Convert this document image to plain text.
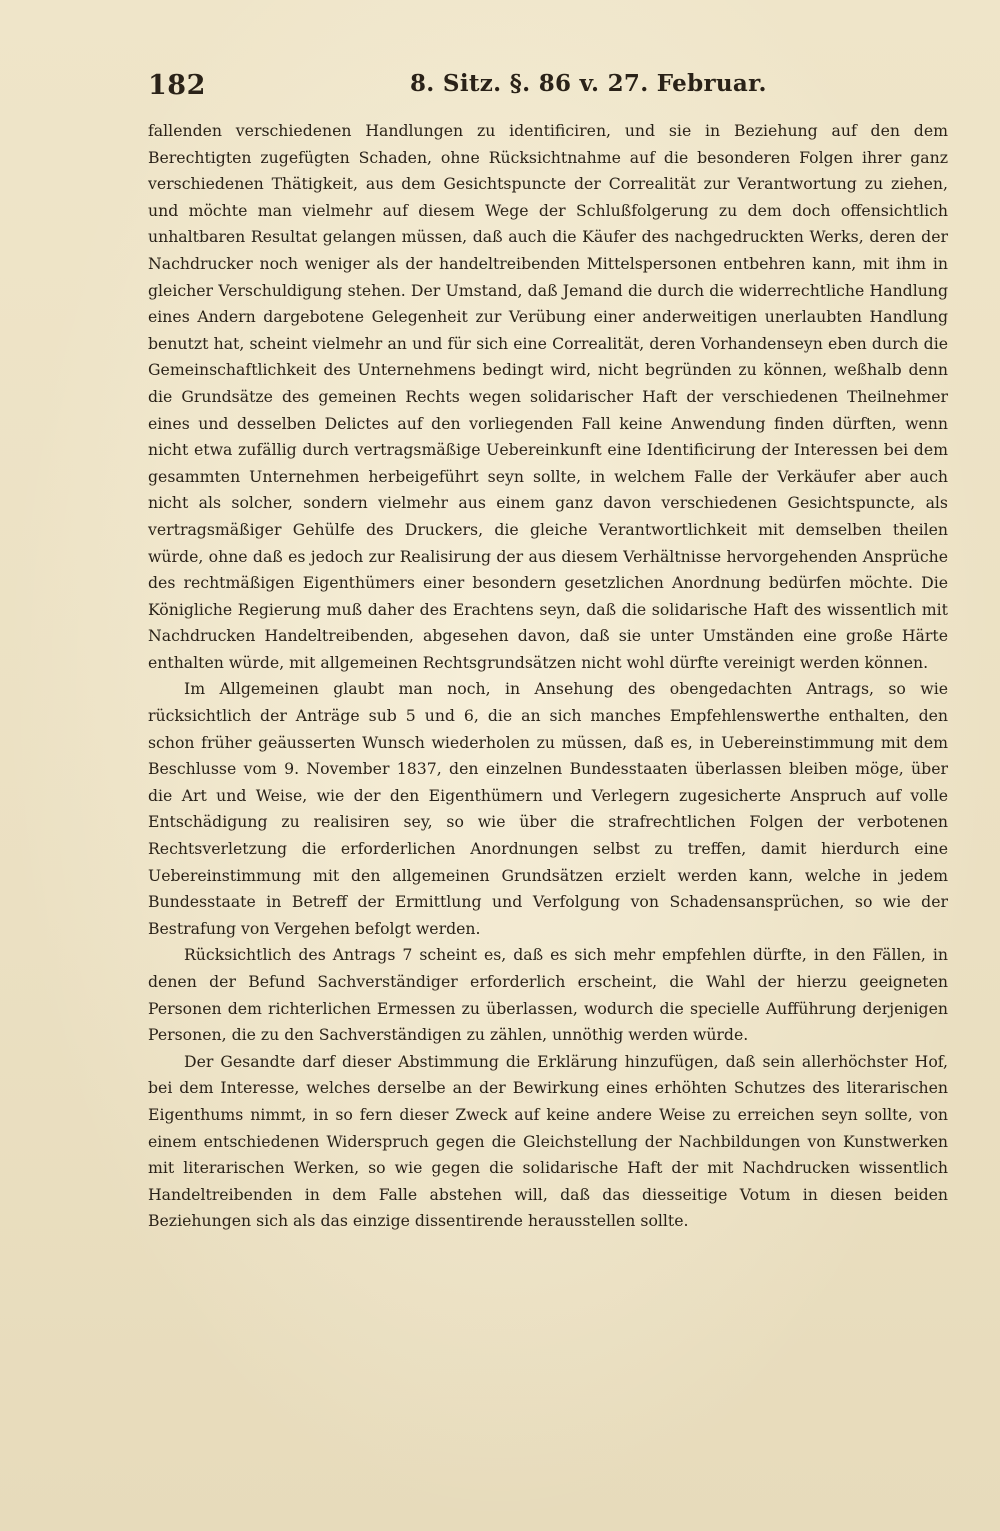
182	8. Sitz. §. 86 v. 27. Februar.

fallenden verschiedenen Handlungen zu identificiren, und sie in Beziehung auf den dem Berechtigten zugefügten Schaden, ohne Rücksichtnahme auf die besonderen Folgen ihrer ganz verschiedenen Thätigkeit, aus dem Gesichtspuncte der Correalität zur Verantwortung zu ziehen, und möchte man vielmehr auf diesem Wege der Schlußfolgerung zu dem doch offensichtlich unhaltbaren Resultat gelangen müssen, daß auch die Käufer des nachgedruckten Werks, deren der Nachdrucker noch weniger als der handeltreibenden Mittelspersonen entbehren kann, mit ihm in gleicher Verschuldigung stehen. Der Umstand, daß Jemand die durch die widerrechtliche Handlung eines Andern dargebotene Gelegenheit zur Verübung einer anderweitigen unerlaubten Handlung benutzt hat, scheint vielmehr an und für sich eine Correalität, deren Vorhandenseyn eben durch die Gemeinschaftlichkeit des Unternehmens bedingt wird, nicht begründen zu können, weßhalb denn die Grundsätze des gemeinen Rechts wegen solidarischer Haft der verschiedenen Theilnehmer eines und desselben Delictes auf den vorliegenden Fall keine Anwendung finden dürften, wenn nicht etwa zufällig durch vertragsmäßige Uebereinkunft eine Identificirung der Interessen bei dem gesammten Unternehmen herbeigeführt seyn sollte, in welchem Falle der Verkäufer aber auch nicht als solcher, sondern vielmehr aus einem ganz davon verschiedenen Gesichtspuncte, als vertragsmäßiger Gehülfe des Druckers, die gleiche Verantwortlichkeit mit demselben theilen würde, ohne daß es jedoch zur Realisirung der aus diesem Verhältnisse hervorgehenden Ansprüche des rechtmäßigen Eigenthümers einer besondern gesetzlichen Anordnung bedürfen möchte. Die Königliche Regierung muß daher des Erachtens seyn, daß die solidarische Haft des wissentlich mit Nachdrucken Handeltreibenden, abgesehen davon, daß sie unter Umständen eine große Härte enthalten würde, mit allgemeinen Rechtsgrundsätzen nicht wohl dürfte vereinigt werden können.

Im Allgemeinen glaubt man noch, in Ansehung des obengedachten Antrags, so wie rücksichtlich der Anträge sub 5 und 6, die an sich manches Empfehlenswerthe enthalten, den schon früher geäusserten Wunsch wiederholen zu müssen, daß es, in Uebereinstimmung mit dem Beschlusse vom 9. November 1837, den einzelnen Bundesstaaten überlassen bleiben möge, über die Art und Weise, wie der den Eigenthümern und Verlegern zugesicherte Anspruch auf volle Entschädigung zu realisiren sey, so wie über die strafrechtlichen Folgen der verbotenen Rechtsverletzung die erforderlichen Anordnungen selbst zu treffen, damit hierdurch eine Uebereinstimmung mit den allgemeinen Grundsätzen erzielt werden kann, welche in jedem Bundesstaate in Betreff der Ermittlung und Verfolgung von Schadensansprüchen, so wie der Bestrafung von Vergehen befolgt werden.

Rücksichtlich des Antrags 7 scheint es, daß es sich mehr empfehlen dürfte, in den Fällen, in denen der Befund Sachverständiger erforderlich erscheint, die Wahl der hierzu geeigneten Personen dem richterlichen Ermessen zu überlassen, wodurch die specielle Aufführung derjenigen Personen, die zu den Sachverständigen zu zählen, unnöthig werden würde.

Der Gesandte darf dieser Abstimmung die Erklärung hinzufügen, daß sein allerhöchster Hof, bei dem Interesse, welches derselbe an der Bewirkung eines erhöhten Schutzes des literarischen Eigenthums nimmt, in so fern dieser Zweck auf keine andere Weise zu erreichen seyn sollte, von einem entschiedenen Widerspruch gegen die Gleichstellung der Nachbildungen von Kunstwerken mit literarischen Werken, so wie gegen die solidarische Haft der mit Nachdrucken wissentlich Handeltreibenden in dem Falle abstehen will, daß das diesseitige Votum in diesen beiden Beziehungen sich als das einzige dissentirende herausstellen sollte.
